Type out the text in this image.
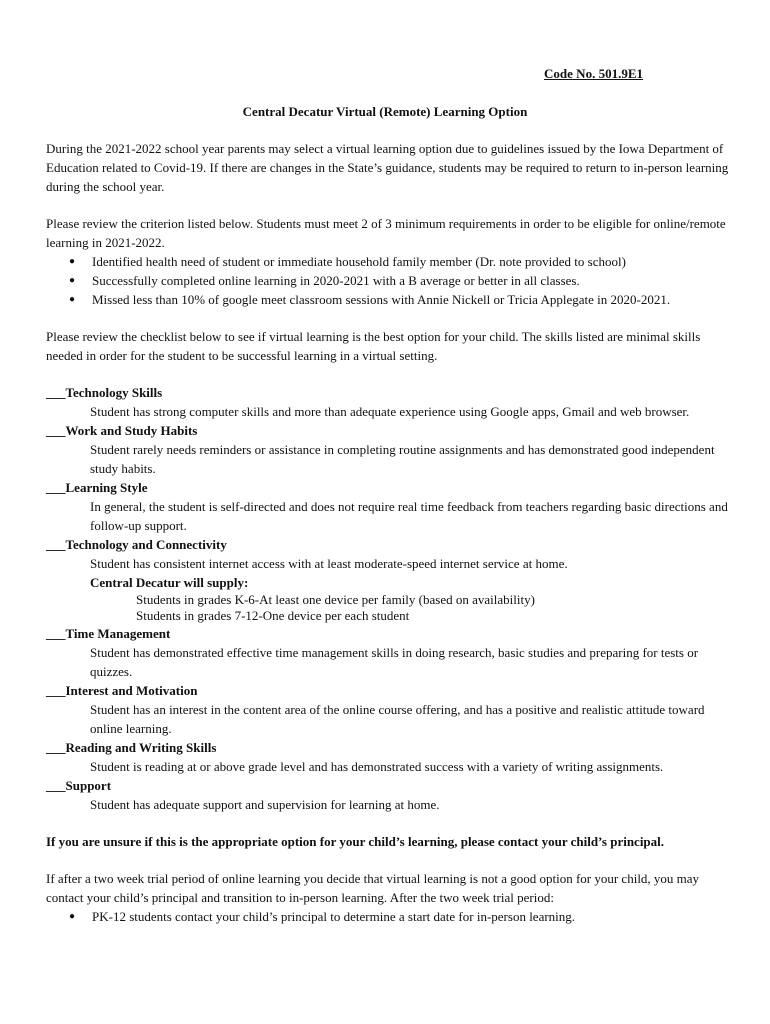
Code No. 501.9E1
Central Decatur Virtual (Remote) Learning Option

During the 2021-2022 school year parents may select a virtual learning option due to guidelines issued by the Iowa Department of Education related to Covid-19. If there are changes in the State’s guidance, students may be required to return to in-person learning during the school year.

Please review the criterion listed below. Students must meet 2 of 3 minimum requirements in order to be eligible for online/remote learning in 2021-2022.

● Identified health need of student or immediate household family member (Dr. note provided to school)
● Successfully completed online learning in 2020-2021 with a B average or better in all classes.
● Missed less than 10% of google meet classroom sessions with Annie Nickell or Tricia Applegate in 2020-2021.

Please review the checklist below to see if virtual learning is the best option for your child. The skills listed are minimal skills needed in order for the student to be successful learning in a virtual setting.

___Technology Skills
Student has strong computer skills and more than adequate experience using Google apps, Gmail and web browser.
___Work and Study Habits
Student rarely needs reminders or assistance in completing routine assignments and has demonstrated good independent study habits.
___Learning Style
In general, the student is self-directed and does not require real time feedback from teachers regarding basic directions and follow-up support.
___Technology and Connectivity
Student has consistent internet access with at least moderate-speed internet service at home.
Central Decatur will supply:
Students in grades K-6-At least one device per family (based on availability)
Students in grades 7-12-One device per each student
___Time Management
Student has demonstrated effective time management skills in doing research, basic studies and preparing for tests or quizzes.
___Interest and Motivation
Student has an interest in the content area of the online course offering, and has a positive and realistic attitude toward online learning.
___Reading and Writing Skills
Student is reading at or above grade level and has demonstrated success with a variety of writing assignments.
___Support
Student has adequate support and supervision for learning at home.

If you are unsure if this is the appropriate option for your child’s learning, please contact your child’s principal.

If after a two week trial period of online learning you decide that virtual learning is not a good option for your child, you may contact your child’s principal and transition to in-person learning. After the two week trial period:

● PK-12 students contact your child’s principal to determine a start date for in-person learning.
